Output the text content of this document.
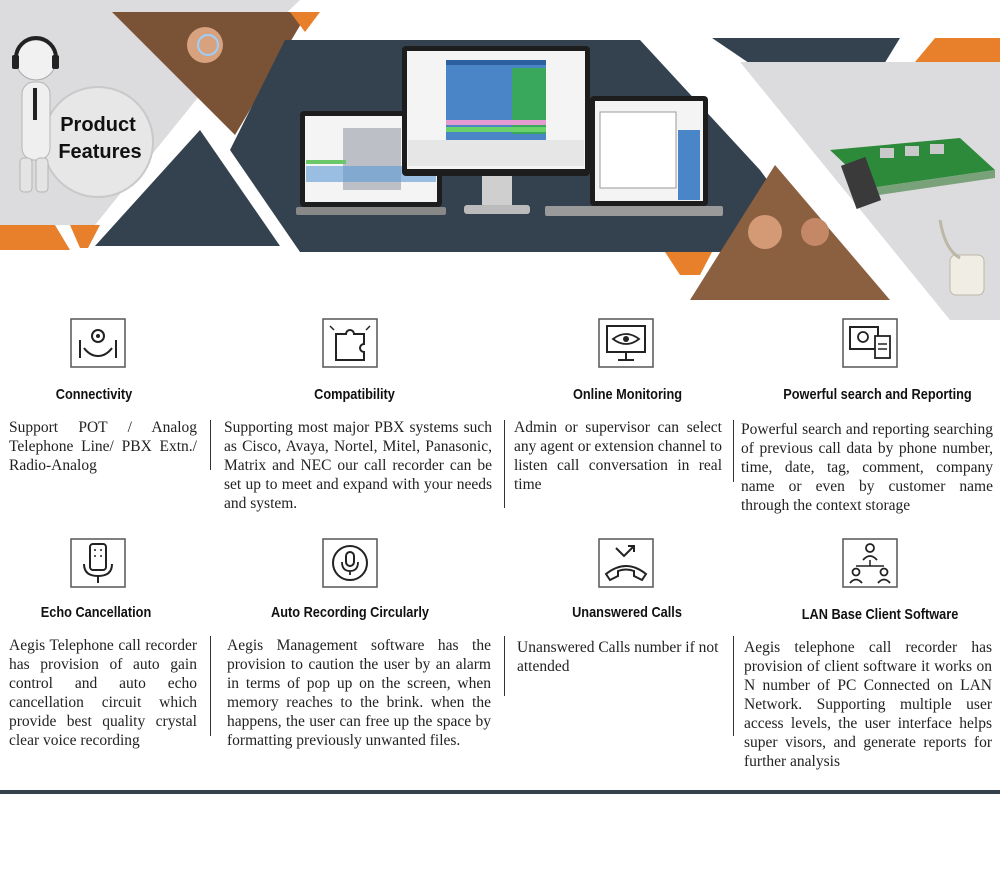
Product
Features
Connectivity
Support POT / Analog Telephone Line/ PBX Extn./ Radio-Analog
Compatibility
Supporting most major PBX systems such as Cisco, Avaya, Nortel, Mitel, Panasonic, Matrix and NEC our call recorder can be set up to meet and expand with your needs and system.
Online Monitoring
Admin or supervisor can select any agent or extension channel to listen call conversation in real time
Powerful search and Reporting
Powerful search and reporting searching of previous call data by phone number, time, date, tag, comment, company name or even by customer name through the context storage
Echo Cancellation
Aegis Telephone call recorder has provision of auto gain control and auto echo cancellation circuit which provide best quality crystal clear voice recording
Auto Recording Circularly
Aegis Management software has the provision to caution the user by an alarm in terms of pop up on the screen, when memory reaches to the brink. when the happens, the user can free up the space by formatting previously unwanted files.
Unanswered Calls
Unanswered Calls number if not attended
LAN Base Client Software
Aegis telephone call recorder has provision of client software it works on N number of PC Connected on LAN Network. Supporting multiple user access levels, the user interface helps super visors, and generate reports for further analysis
